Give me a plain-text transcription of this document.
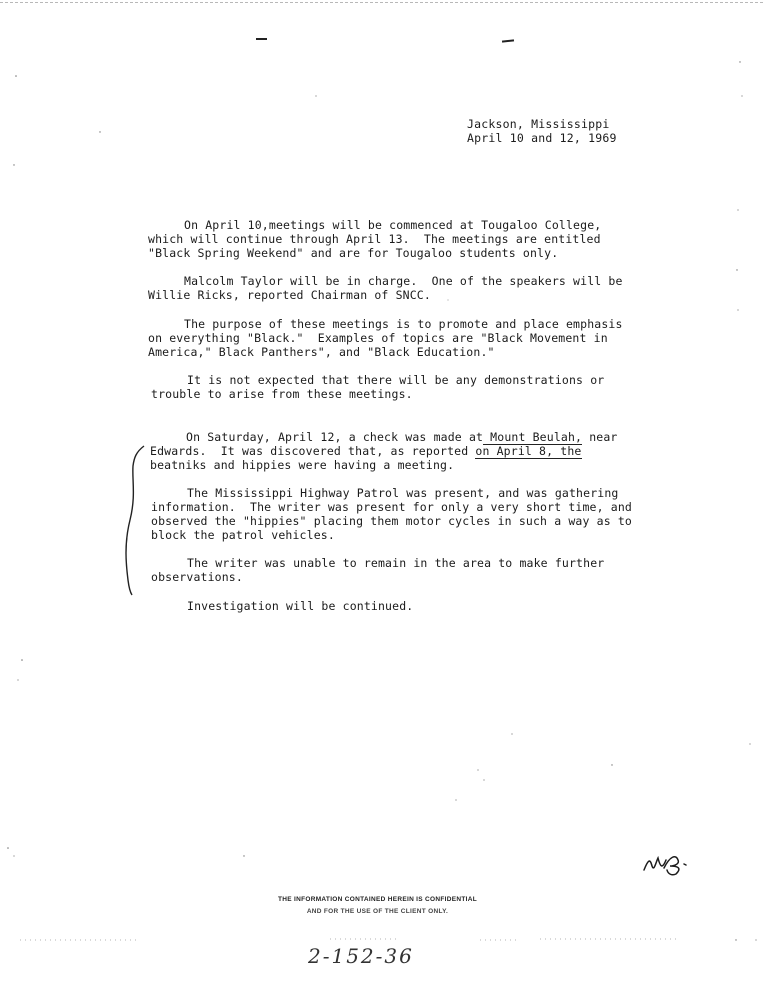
Jackson, Mississippi
April 10 and 12, 1969
On April 10,meetings will be commenced at Tougaloo College,
which will continue through April 13.  The meetings are entitled
"Black Spring Weekend" and are for Tougaloo students only.
Malcolm Taylor will be in charge.  One of the speakers will be
Willie Ricks, reported Chairman of SNCC.
The purpose of these meetings is to promote and place emphasis
on everything "Black."  Examples of topics are "Black Movement in
America," Black Panthers", and "Black Education."
It is not expected that there will be any demonstrations or
trouble to arise from these meetings.
On Saturday, April 12, a check was made at Mount Beulah, near
Edwards.  It was discovered that, as reported on April 8, the
beatniks and hippies were having a meeting.
The Mississippi Highway Patrol was present, and was gathering
information.  The writer was present for only a very short time, and
observed the "hippies" placing them motor cycles in such a way as to
block the patrol vehicles.
The writer was unable to remain in the area to make further
observations.
Investigation will be continued.
THE INFORMATION CONTAINED HEREIN IS CONFIDENTIAL
AND FOR THE USE OF THE CLIENT ONLY.
2-152-36
